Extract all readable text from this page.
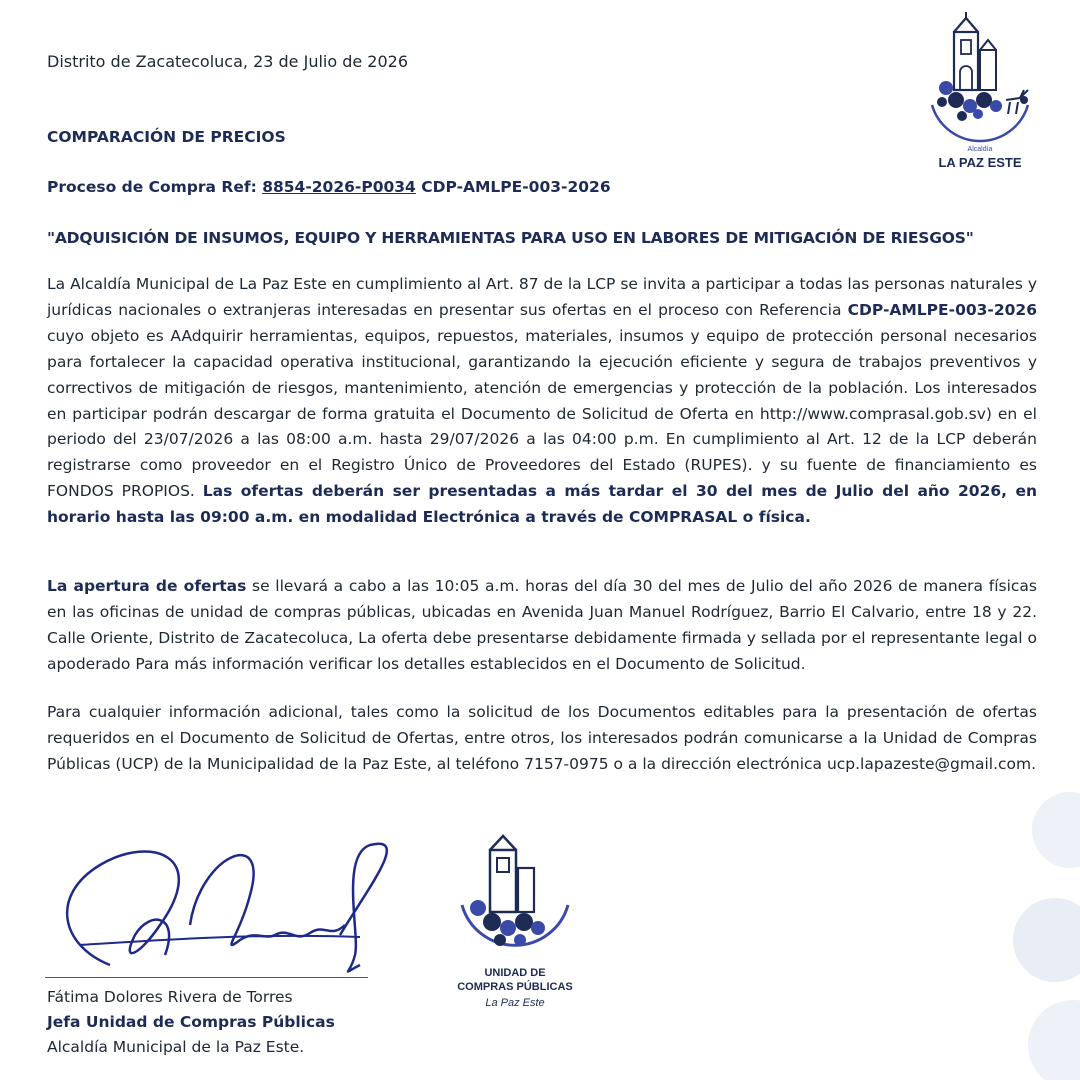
Distrito de Zacatecoluca, 23 de Julio de 2026
Alcaldía
LA PAZ ESTE
COMPARACIÓN DE PRECIOS
Proceso de Compra Ref: 8854-2026-P0034 CDP-AMLPE-003-2026
"ADQUISICIÓN DE INSUMOS, EQUIPO Y HERRAMIENTAS PARA USO EN LABORES DE MITIGACIÓN DE RIESGOS"
La Alcaldía Municipal de La Paz Este en cumplimiento al Art. 87 de la LCP se invita a participar a todas las personas naturales y jurídicas nacionales o extranjeras interesadas en presentar sus ofertas en el proceso con Referencia CDP-AMLPE-003-2026 cuyo objeto es AAdquirir herramientas, equipos, repuestos, materiales, insumos y equipo de protección personal necesarios para fortalecer la capacidad operativa institucional, garantizando la ejecución eficiente y segura de trabajos preventivos y correctivos de mitigación de riesgos, mantenimiento, atención de emergencias y protección de la población. Los interesados en participar podrán descargar de forma gratuita el Documento de Solicitud de Oferta en http://www.comprasal.gob.sv) en el periodo del 23/07/2026 a las 08:00 a.m. hasta 29/07/2026 a las 04:00 p.m. En cumplimiento al Art. 12 de la LCP deberán registrarse como proveedor en el Registro Único de Proveedores del Estado (RUPES). y su fuente de financiamiento es FONDOS PROPIOS. Las ofertas deberán ser presentadas a más tardar el 30 del mes de Julio del año 2026, en horario hasta las 09:00 a.m. en modalidad Electrónica a través de COMPRASAL o física.
La apertura de ofertas se llevará a cabo a las 10:05 a.m. horas del día 30 del mes de Julio del año 2026 de manera físicas en las oficinas de unidad de compras públicas, ubicadas en Avenida Juan Manuel Rodríguez, Barrio El Calvario, entre 18 y 22. Calle Oriente, Distrito de Zacatecoluca, La oferta debe presentarse debidamente firmada y sellada por el representante legal o apoderado Para más información verificar los detalles establecidos en el Documento de Solicitud.
Para cualquier información adicional, tales como la solicitud de los Documentos editables para la presentación de ofertas requeridos en el Documento de Solicitud de Ofertas, entre otros, los interesados podrán comunicarse a la Unidad de Compras Públicas (UCP) de la Municipalidad de la Paz Este, al teléfono 7157-0975 o a la dirección electrónica ucp.lapazeste@gmail.com.
Fátima Dolores Rivera de Torres
Jefa Unidad de Compras Públicas
Alcaldía Municipal de la Paz Este.
UNIDAD DE
COMPRAS PÚBLICAS
La Paz Este
